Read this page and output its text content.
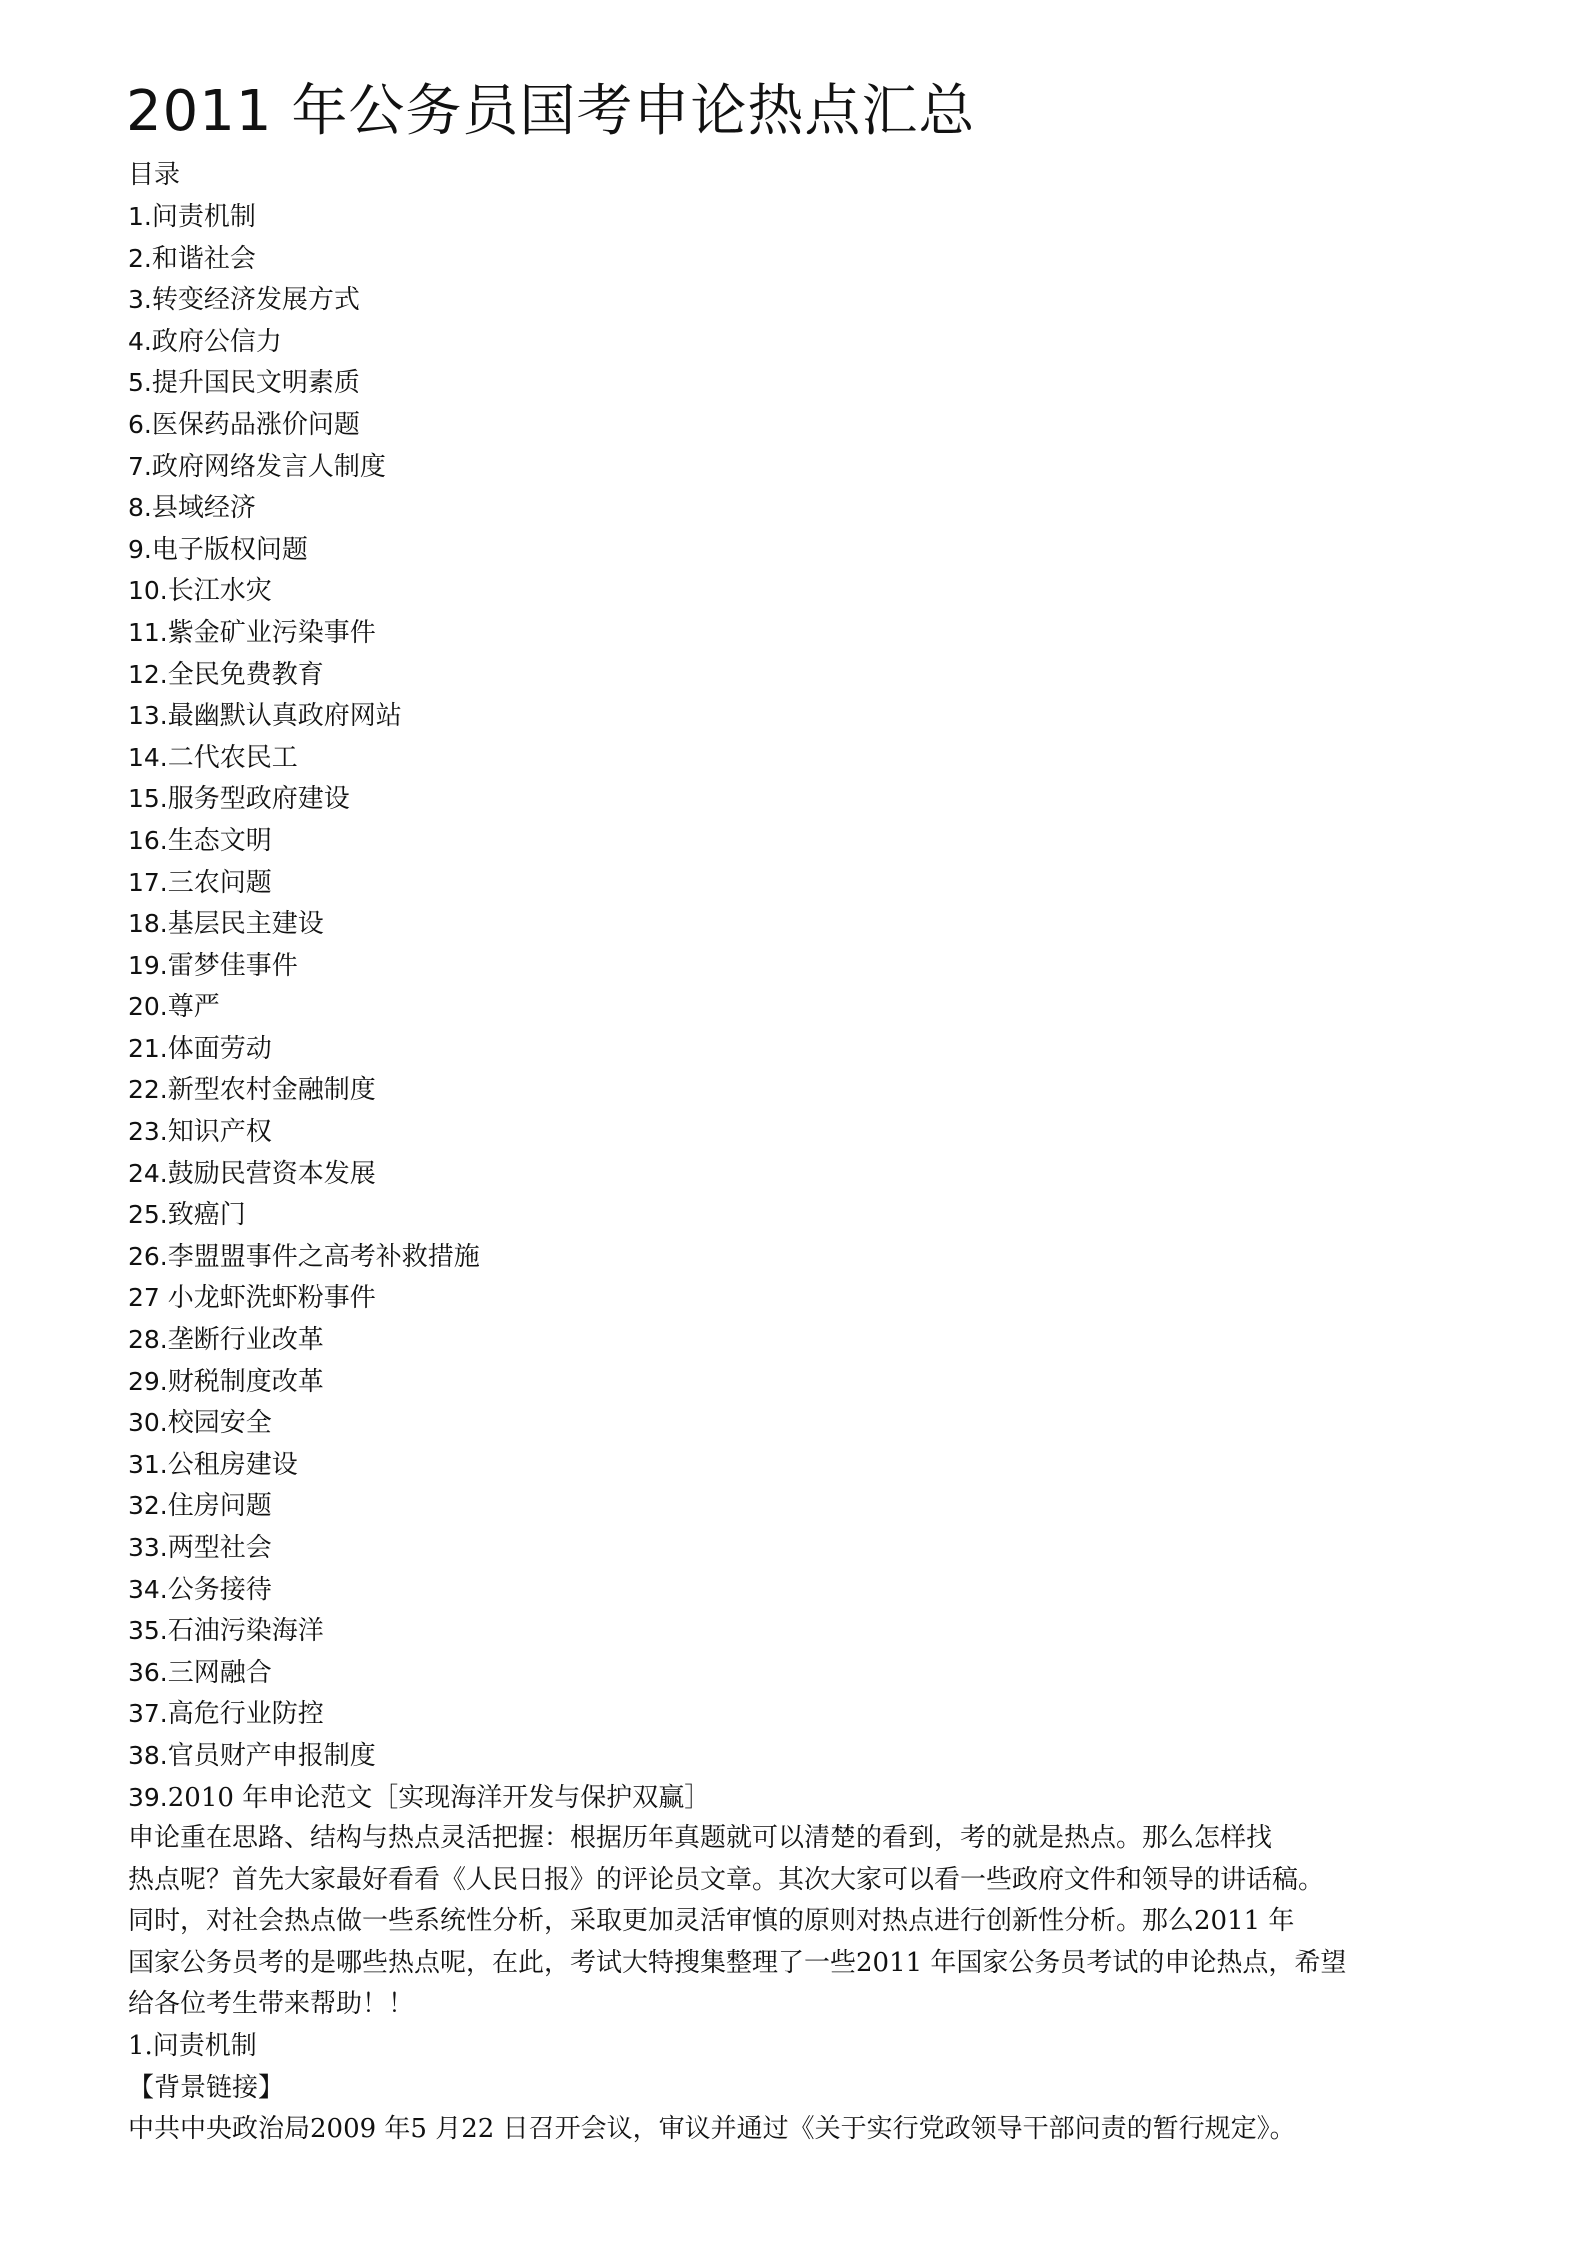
2011 年公务员国考申论热点汇总
目录
1.问责机制
2.和谐社会
3.转变经济发展方式
4.政府公信力
5.提升国民文明素质
6.医保药品涨价问题
7.政府网络发言人制度
8.县域经济
9.电子版权问题
10.长江水灾
11.紫金矿业污染事件
12.全民免费教育
13.最幽默认真政府网站
14.二代农民工
15.服务型政府建设
16.生态文明
17.三农问题
18.基层民主建设
19.雷梦佳事件
20.尊严
21.体面劳动
22.新型农村金融制度
23.知识产权
24.鼓励民营资本发展
25.致癌门
26.李盟盟事件之高考补救措施
27 小龙虾洗虾粉事件
28.垄断行业改革
29.财税制度改革
30.校园安全
31.公租房建设
32.住房问题
33.两型社会
34.公务接待
35.石油污染海洋
36.三网融合
37.高危行业防控
38.官员财产申报制度
39.2010 年申论范文［实现海洋开发与保护双赢］
申论重在思路、结构与热点灵活把握：根据历年真题就可以清楚的看到，考的就是热点。那么怎样找
热点呢？首先大家最好看看《人民日报》的评论员文章。其次大家可以看一些政府文件和领导的讲话稿。
同时，对社会热点做一些系统性分析，采取更加灵活审慎的原则对热点进行创新性分析。那么2011 年
国家公务员考的是哪些热点呢，在此，考试大特搜集整理了一些2011 年国家公务员考试的申论热点，希望
给各位考生带来帮助！！
1.问责机制
【背景链接】
中共中央政治局2009 年5 月22 日召开会议，审议并通过《关于实行党政领导干部问责的暂行规定》。
